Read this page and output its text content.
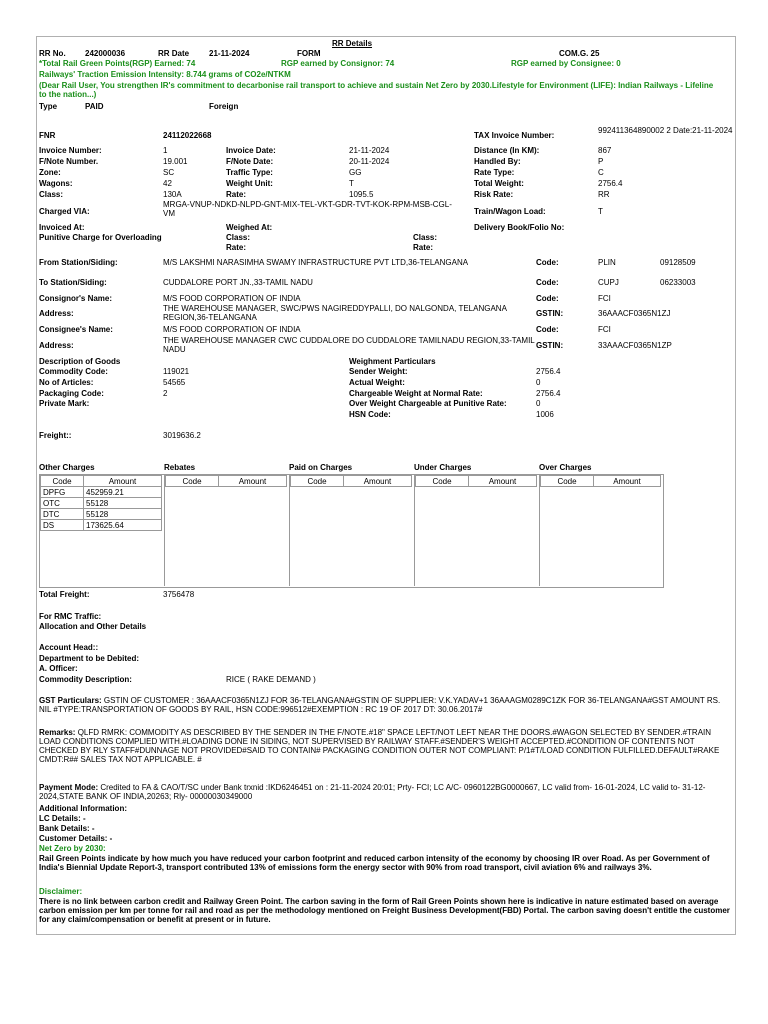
RR Details
RR No. 242000036	RR Date 21-11-2024	FORM	COM.G. 25
*Total Rail Green Points(RGP) Earned: 74	RGP earned by Consignor: 74	RGP earned by Consignee: 0
Railways' Traction Emission Intensity: 8.744 grams of CO2e/NTKM
(Dear Rail User, You strengthen IR's commitment to decarbonise rail transport to achieve and sustain Net Zero by 2030.Lifestyle for Environment (LIFE): Indian Railways - Lifeline to the nation...)
Type	PAID	Foreign
FNR	24112022668	TAX Invoice Number:
992411364890002 2 Date:21-11-2024
Invoice Number:	1	Invoice Date:	21-11-2024	Distance (In KM):	867
F/Note Number.	19.001	F/Note Date:	20-11-2024	Handled By:	P
Zone:	SC	Traffic Type:	GG	Rate Type:	C
Wagons:	42	Weight Unit:	T	Total Weight:	2756.4
Class:	130A	Rate:	1095.5	Risk Rate:	RR
Charged VIA:
MRGA-VNUP-NDKD-NLPD-GNT-MIX-TEL-VKT-GDR-TVT-KOK-RPM-MSB-CGL-VM	Train/Wagon Load:	T
Invoiced At:	Weighed At:	Delivery Book/Folio No:
Punitive Charge for Overloading	Class:
Rate:
Class:
Rate:
From Station/Siding:	M/S LAKSHMI NARASIMHA SWAMY INFRASTRUCTURE PVT LTD,36-TELANGANA	Code:	PLIN	09128509
To Station/Siding:	CUDDALORE PORT JN.,33-TAMIL NADU	Code:	CUPJ	06233003
Consignor's Name:	M/S FOOD CORPORATION OF INDIA	Code:	FCI
Address:
THE WAREHOUSE MANAGER, SWC/PWS NAGIREDDYPALLI, DO NALGONDA, TELANGANA REGION,36-TELANGANA	GSTIN:	36AAACF0365N1ZJ
Consignee's Name:	M/S FOOD CORPORATION OF INDIA	Code:	FCI
Address:
THE WAREHOUSE MANAGER CWC CUDDALORE DO CUDDALORE TAMILNADU REGION,33-TAMIL NADU	GSTIN:	33AAACF0365N1ZP
Description of Goods
Commodity Code:	119021
No of Articles:	54565
Packaging Code:	2
Private Mark:
Weighment Particulars
Sender Weight:	2756.4
Actual Weight:	0
Chargeable Weight at Normal Rate:	2756.4
Over Weight Chargeable at Punitive Rate:	0
HSN Code:	1006
Freight::	3019636.2
Other Charges	Rebates	Paid on Charges	Under Charges	Over Charges
Code	Amount
DPFG	452959.21
OTC	55128
DTC	55128
DS	173625.64
Code	Amount	Code	Amount	Code	Amount	Code	Amount
Total Freight:	3756478
For RMC Traffic:
Allocation and Other Details
Account Head::
Department to be Debited:
A. Officer:
Commodity Description:	RICE ( RAKE DEMAND )
GST Particulars: GSTIN OF CUSTOMER : 36AAACF0365N1ZJ FOR 36-TELANGANA#GSTIN OF SUPPLIER: V.K.YADAV+1 36AAAGM0289C1ZK FOR 36-TELANGANA#GST AMOUNT RS. NIL #TYPE:TRANSPORTATION OF GOODS BY RAIL, HSN CODE:996512#EXEMPTION : RC 19 OF 2017 DT: 30.06.2017#
Remarks: QLFD RMRK: COMMODITY AS DESCRIBED BY THE SENDER IN THE F/NOTE.#18" SPACE LEFT/NOT LEFT NEAR THE DOORS.#WAGON SELECTED BY SENDER.#TRAIN LOAD CONDITIONS COMPLIED WITH.#LOADING DONE IN SIDING, NOT SUPERVISED BY RAILWAY STAFF.#SENDER'S WEIGHT ACCEPTED.#CONDITION OF CONTENTS NOT CHECKED BY RLY STAFF#DUNNAGE NOT PROVIDED#SAID TO CONTAIN# PACKAGING CONDITION OUTER NOT COMPLIANT: P/1#T/LOAD CONDITION FULFILLED.DEFAULT#RAKE CMDT:R## SALES TAX NOT APPLICABLE. #
Payment Mode: Credited to FA & CAO/T/SC under Bank trxnid :IKD6246451 on : 21-11-2024 20:01; Prty- FCI; LC A/C- 0960122BG0000667, LC valid from- 16-01-2024, LC valid to- 31-12-2024,STATE BANK OF INDIA,20263; Rly- 00000030349000
Additional Information:
LC Details: -
Bank Details: -
Customer Details: -
Net Zero by 2030:
Rail Green Points indicate by how much you have reduced your carbon footprint and reduced carbon intensity of the economy by choosing IR over Road. As per Government of India's Biennial Update Report-3, transport contributed 13% of emissions form the energy sector with 90% from road transport, civil aviation 6% and railways 3%.
Disclaimer:
There is no link between carbon credit and Railway Green Point. The carbon saving in the form of Rail Green Points shown here is indicative in nature estimated based on average carbon emission per km per tonne for rail and road as per the methodology mentioned on Freight Business Development(FBD) Portal. The carbon saving doesn't entitle the customer for any claim/compensation or benefit at present or in future.
